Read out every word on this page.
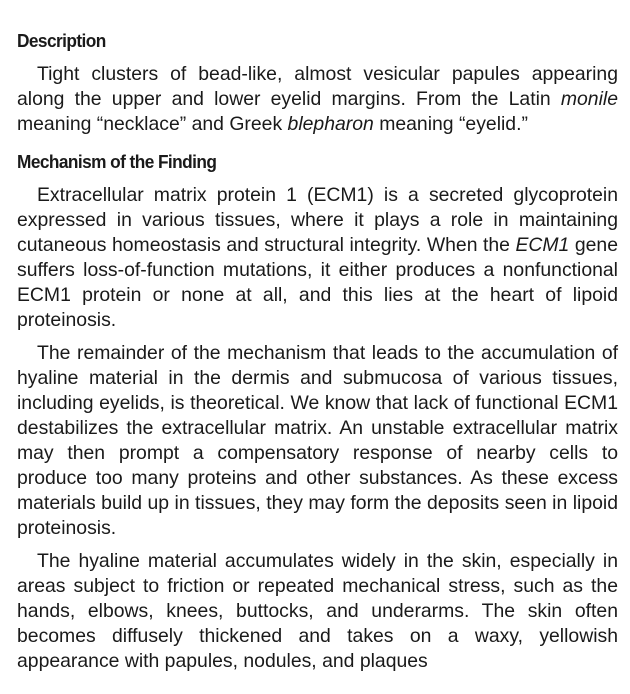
Description

Tight clusters of bead-like, almost vesicular papules appearing along the upper and lower eyelid margins. From the Latin monile meaning “necklace” and Greek blepharon meaning “eyelid.”

Mechanism of the Finding

Extracellular matrix protein 1 (ECM1) is a secreted glycoprotein expressed in various tissues, where it plays a role in maintaining cutaneous homeostasis and structural integrity. When the ECM1 gene suffers loss-of-function mutations, it either produces a nonfunctional ECM1 protein or none at all, and this lies at the heart of lipoid proteinosis.

The remainder of the mechanism that leads to the accumulation of hyaline material in the dermis and submucosa of various tissues, including eyelids, is theoretical. We know that lack of functional ECM1 destabilizes the extracellular matrix. An unstable extracellular matrix may then prompt a compensatory response of nearby cells to produce too many proteins and other substances. As these excess materials build up in tissues, they may form the deposits seen in lipoid proteinosis.

The hyaline material accumulates widely in the skin, especially in areas subject to friction or repeated mechanical stress, such as the hands, elbows, knees, buttocks, and underarms. The skin often becomes diffusely thickened and takes on a waxy, yellowish appearance with papules, nodules, and plaques
